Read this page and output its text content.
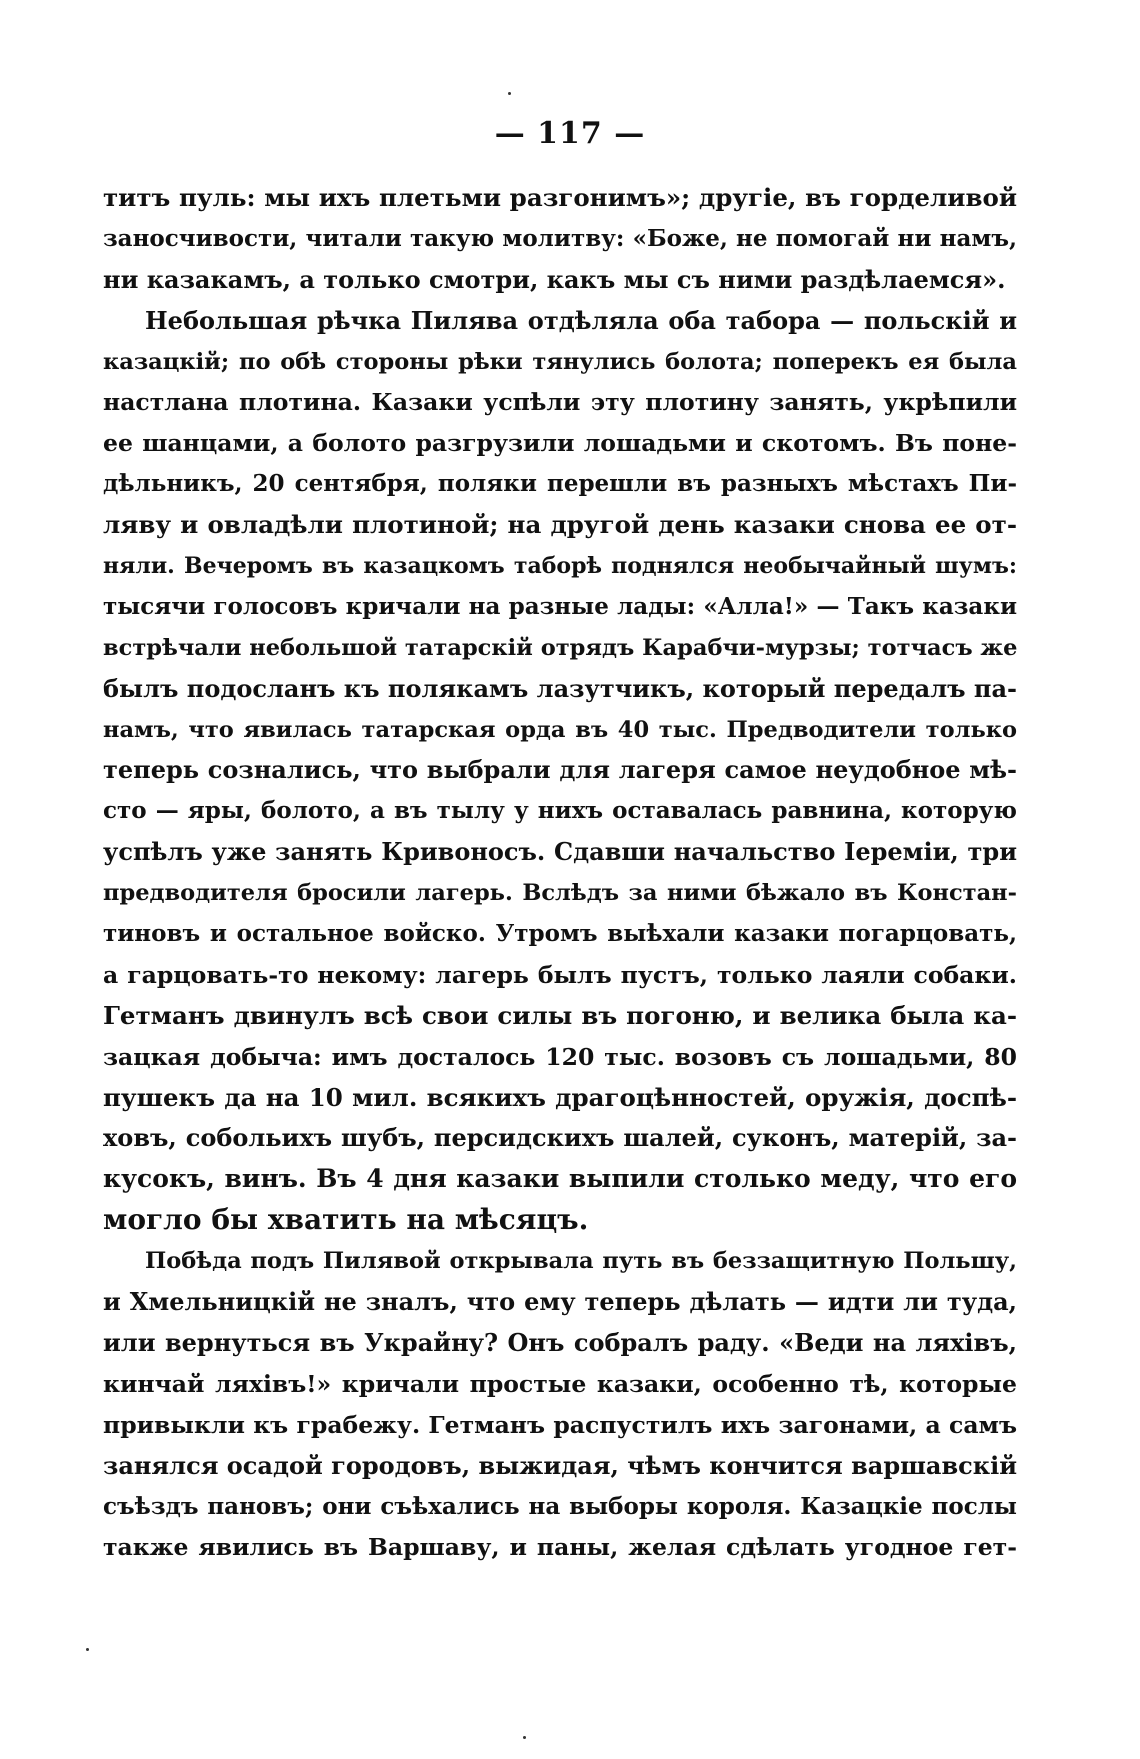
— 117 —
титъ пуль: мы ихъ плетьми разгонимъ»; другіе, въ горделивой
заносчивости, читали такую молитву: «Боже, не помогай ни намъ,
ни казакамъ, а только смотри, какъ мы съ ними раздѣлаемся».
Небольшая рѣчка Пилява отдѣляла оба табора — польскій и
казацкій; по обѣ стороны рѣки тянулись болота; поперекъ ея была
настлана плотина. Казаки успѣли эту плотину занять, укрѣпили
ее шанцами, а болото разгрузили лошадьми и скотомъ. Въ поне-
дѣльникъ, 20 сентября, поляки перешли въ разныхъ мѣстахъ Пи-
ляву и овладѣли плотиной; на другой день казаки снова ее от-
няли. Вечеромъ въ казацкомъ таборѣ поднялся необычайный шумъ:
тысячи голосовъ кричали на разные лады: «Алла!» — Такъ казаки
встрѣчали небольшой татарскій отрядъ Карабчи-мурзы; тотчасъ же
былъ подосланъ къ полякамъ лазутчикъ, который передалъ па-
намъ, что явилась татарская орда въ 40 тыс. Предводители только
теперь сознались, что выбрали для лагеря самое неудобное мѣ-
сто — яры, болото, а въ тылу у нихъ оставалась равнина, которую
успѣлъ уже занять Кривоносъ. Сдавши начальство Іереміи, три
предводителя бросили лагерь. Вслѣдъ за ними бѣжало въ Констан-
тиновъ и остальное войско. Утромъ выѣхали казаки погарцовать,
а гарцовать-то некому: лагерь былъ пустъ, только лаяли собаки.
Гетманъ двинулъ всѣ свои силы въ погоню, и велика была ка-
зацкая добыча: имъ досталось 120 тыс. возовъ съ лошадьми, 80
пушекъ да на 10 мил. всякихъ драгоцѣнностей, оружія, доспѣ-
ховъ, собольихъ шубъ, персидскихъ шалей, суконъ, матерій, за-
кусокъ, винъ. Въ 4 дня казаки выпили столько меду, что его
могло бы хватить на мѣсяцъ.
Побѣда подъ Пилявой открывала путь въ беззащитную Польшу,
и Хмельницкій не зналъ, что ему теперь дѣлать — идти ли туда,
или вернуться въ Украйну? Онъ собралъ раду. «Веди на ляхівъ,
кинчай ляхівъ!» кричали простые казаки, особенно тѣ, которые
привыкли къ грабежу. Гетманъ распустилъ ихъ загонами, а самъ
занялся осадой городовъ, выжидая, чѣмъ кончится варшавскій
съѣздъ пановъ; они съѣхались на выборы короля. Казацкіе послы
также явились въ Варшаву, и паны, желая сдѣлать угодное гет-
